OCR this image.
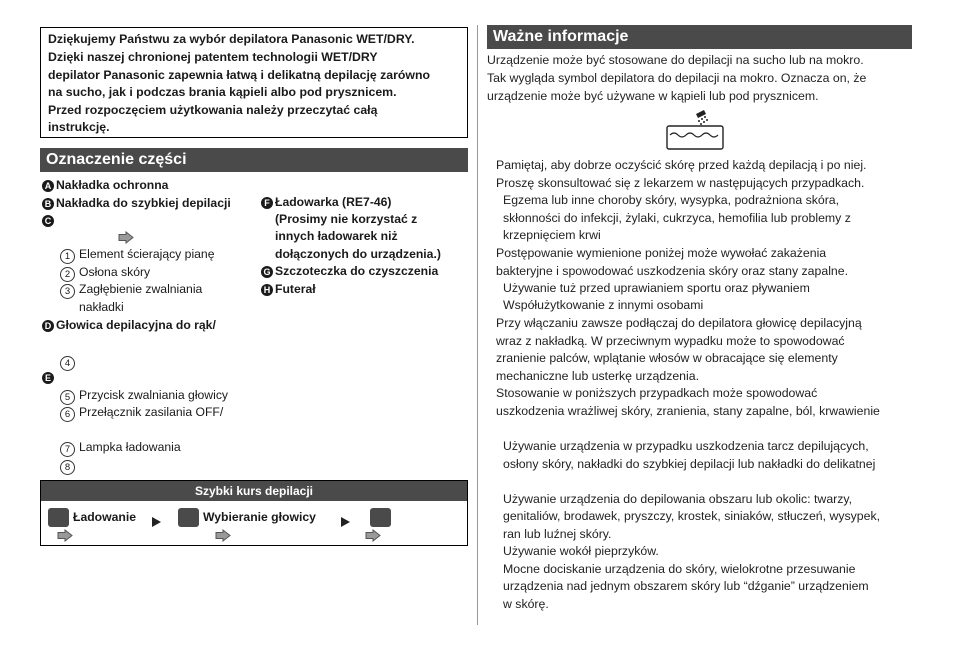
Dziękujemy Państwu za wybór depilatora Panasonic WET/DRY.
Dzięki naszej chronionej patentem technologii WET/DRY
depilator Panasonic zapewnia łatwą i delikatną depilację zarówno
na sucho, jak i podczas brania kąpieli albo pod prysznicem.
Przed rozpoczęciem użytkowania należy przeczytać całą
instrukcję.
Oznaczenie części
A Nakładka ochronna
B Nakładka do szybkiej depilacji
C
1 Element ścierający pianę
2 Osłona skóry
3 Zagłębienie zwalniania
nakładki
D Głowica depilacyjna do rąk/
4
E
5 Przycisk zwalniania głowicy
6 Przełącznik zasilania OFF/
7 Lampka ładowania
8
F Ładowarka (RE7-46)
(Prosimy nie korzystać z
innych ładowarek niż
dołączonych do urządzenia.)
G Szczoteczka do czyszczenia
H Futerał
Szybki kurs depilacji
Ładowanie	Wybieranie głowicy
Ważne informacje
Urządzenie może być stosowane do depilacji na sucho lub na mokro.
Tak wygląda symbol depilatora do depilacji na mokro. Oznacza on, że
urządzenie może być używane w kąpieli lub pod prysznicem.
Pamiętaj, aby dobrze oczyścić skórę przed każdą depilacją i po niej.
Proszę skonsultować się z lekarzem w następujących przypadkach.
Egzema lub inne choroby skóry, wysypka, podrażniona skóra,
skłonności do infekcji, żylaki, cukrzyca, hemofilia lub problemy z
krzepnięciem krwi
Postępowanie wymienione poniżej może wywołać zakażenia
bakteryjne i spowodować uszkodzenia skóry oraz stany zapalne.
Używanie tuż przed uprawianiem sportu oraz pływaniem
Współużytkowanie z innymi osobami
Przy włączaniu zawsze podłączaj do depilatora głowicę depilacyjną
wraz z nakładką. W przeciwnym wypadku może to spowodować
zranienie palców, wplątanie włosów w obracające się elementy
mechaniczne lub usterkę urządzenia.
Stosowanie w poniższych przypadkach może spowodować
uszkodzenia wrażliwej skóry, zranienia, stany zapalne, ból, krwawienie
Używanie urządzenia w przypadku uszkodzenia tarcz depilujących,
osłony skóry, nakładki do szybkiej depilacji lub nakładki do delikatnej
Używanie urządzenia do depilowania obszaru lub okolic: twarzy,
genitaliów, brodawek, pryszczy, krostek, siniaków, stłuczeń, wysypek,
ran lub luźnej skóry.
Używanie wokół pieprzyków.
Mocne dociskanie urządzenia do skóry, wielokrotne przesuwanie
urządzenia nad jednym obszarem skóry lub “dźganie” urządzeniem
w skórę.
